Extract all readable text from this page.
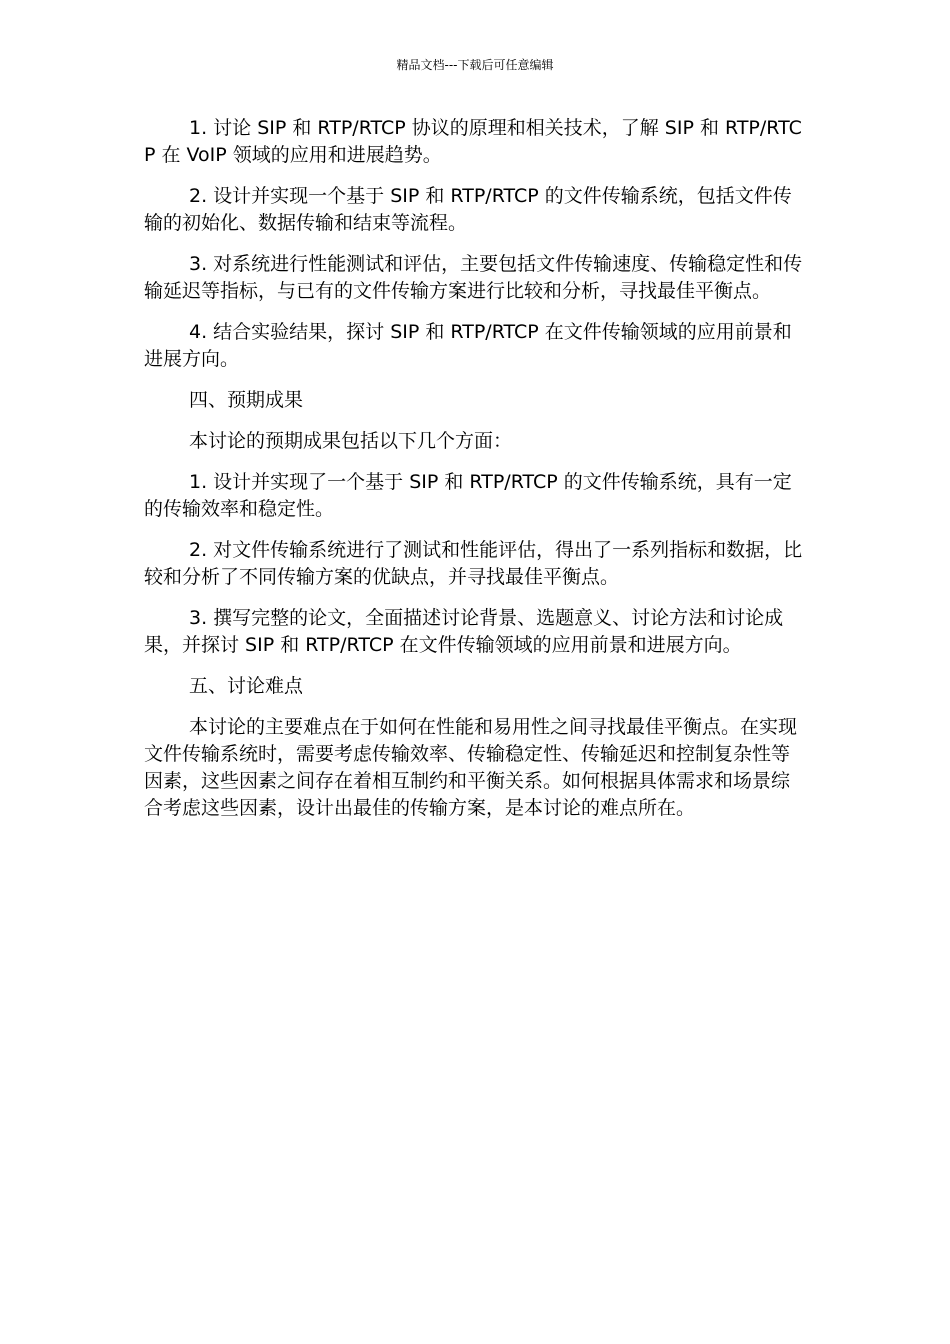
精品文档---下载后可任意编辑

1. 讨论 SIP 和 RTP/RTCP 协议的原理和相关技术，了解 SIP 和 RTP/RTCP 在 VoIP 领域的应用和进展趋势。

2. 设计并实现一个基于 SIP 和 RTP/RTCP 的文件传输系统，包括文件传输的初始化、数据传输和结束等流程。

3. 对系统进行性能测试和评估，主要包括文件传输速度、传输稳定性和传输延迟等指标，与已有的文件传输方案进行比较和分析，寻找最佳平衡点。

4. 结合实验结果，探讨 SIP 和 RTP/RTCP 在文件传输领域的应用前景和进展方向。

四、预期成果

本讨论的预期成果包括以下几个方面：

1. 设计并实现了一个基于 SIP 和 RTP/RTCP 的文件传输系统，具有一定的传输效率和稳定性。

2. 对文件传输系统进行了测试和性能评估，得出了一系列指标和数据，比较和分析了不同传输方案的优缺点，并寻找最佳平衡点。

3. 撰写完整的论文，全面描述讨论背景、选题意义、讨论方法和讨论成果，并探讨 SIP 和 RTP/RTCP 在文件传输领域的应用前景和进展方向。

五、讨论难点

本讨论的主要难点在于如何在性能和易用性之间寻找最佳平衡点。在实现文件传输系统时，需要考虑传输效率、传输稳定性、传输延迟和控制复杂性等因素，这些因素之间存在着相互制约和平衡关系。如何根据具体需求和场景综合考虑这些因素，设计出最佳的传输方案，是本讨论的难点所在。
